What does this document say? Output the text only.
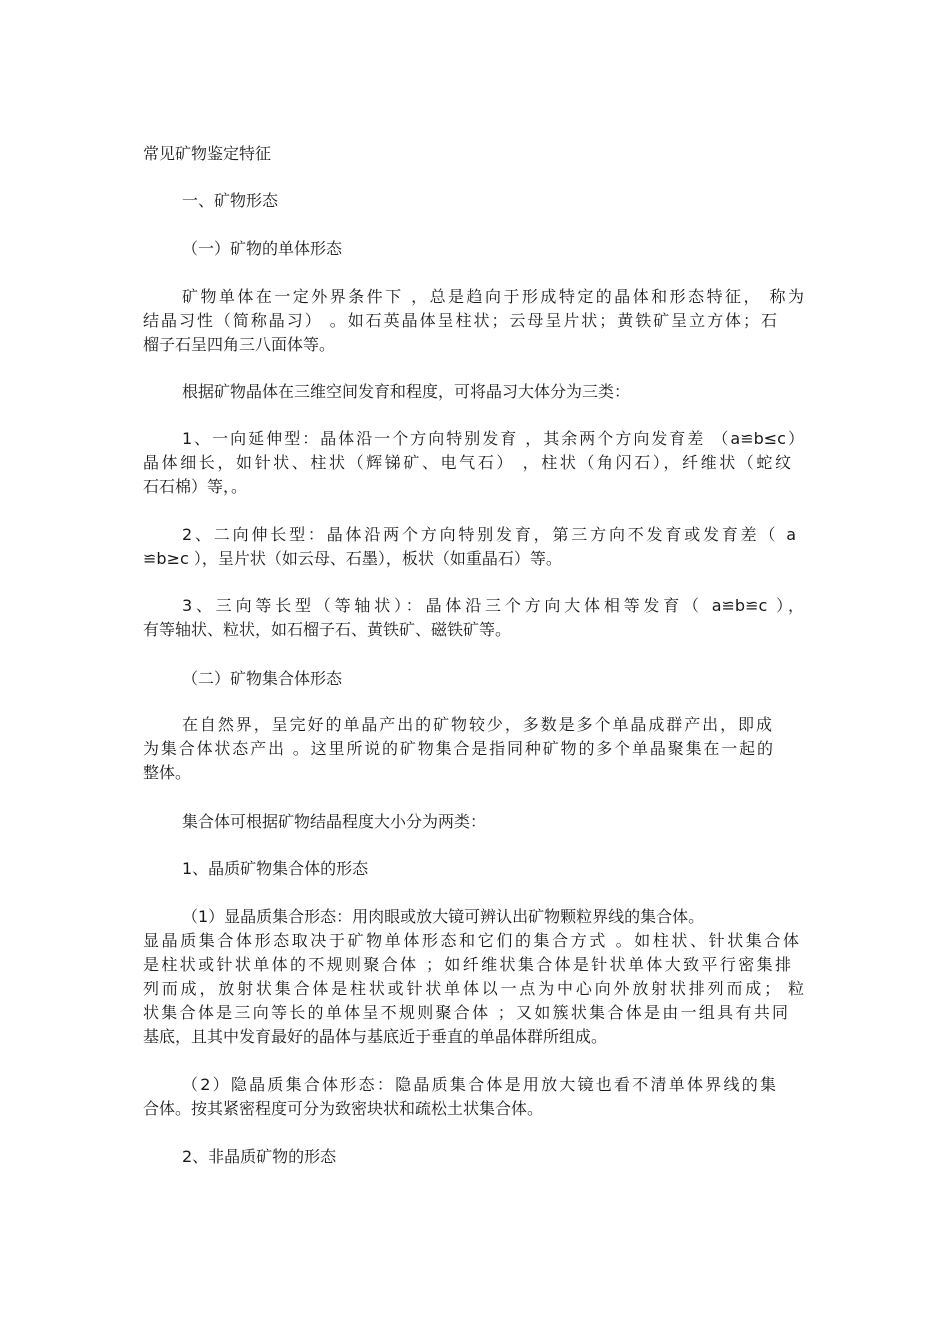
常见矿物鉴定特征
一、矿物形态
（一）矿物的单体形态
矿物单体在一定外界条件下 ，总是趋向于形成特定的晶体和形态特征， 称为
结晶习性（简称晶习） 。如石英晶体呈柱状；云母呈片状；黄铁矿呈立方体；石
榴子石呈四角三八面体等。
根据矿物晶体在三维空间发育和程度，可将晶习大体分为三类：
1、一向延伸型：晶体沿一个方向特别发育 ，其余两个方向发育差 （a≌b≤c）
晶体细长，如针状、柱状（辉锑矿、电气石） ，柱状（角闪石），纤维状（蛇纹
石石棉）等，。
2、二向伸长型：晶体沿两个方向特别发育，第三方向不发育或发育差（ a
≌b≥c ），呈片状（如云母、石墨），板状（如重晶石）等。
3、三向等长型（等轴状）：晶体沿三个方向大体相等发育（ a≌b≌c ），
有等轴状、粒状，如石榴子石、黄铁矿、磁铁矿等。
（二）矿物集合体形态
在自然界，呈完好的单晶产出的矿物较少，多数是多个单晶成群产出，即成
为集合体状态产出 。这里所说的矿物集合是指同种矿物的多个单晶聚集在一起的
整体。
集合体可根据矿物结晶程度大小分为两类：
1、晶质矿物集合体的形态
（1）显晶质集合形态：用肉眼或放大镜可辨认出矿物颗粒界线的集合体。
显晶质集合体形态取决于矿物单体形态和它们的集合方式 。如柱状、针状集合体
是柱状或针状单体的不规则聚合体 ；如纤维状集合体是针状单体大致平行密集排
列而成，放射状集合体是柱状或针状单体以一点为中心向外放射状排列而成； 粒
状集合体是三向等长的单体呈不规则聚合体 ；又如簇状集合体是由一组具有共同
基底，且其中发育最好的晶体与基底近于垂直的单晶体群所组成。
（2）隐晶质集合体形态：隐晶质集合体是用放大镜也看不清单体界线的集
合体。按其紧密程度可分为致密块状和疏松土状集合体。
2、非晶质矿物的形态
